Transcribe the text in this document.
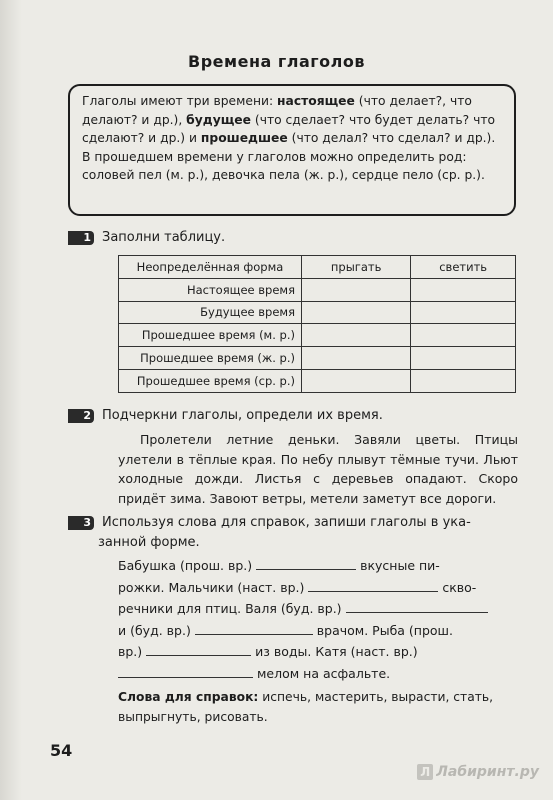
Времена глаголов

Глаголы имеют три времени: настоящее (что делает?, что делают? и др.), будущее (что сделает? что будет делать? что сделают? и др.) и прошедшее (что делал? что сделал? и др.).

В прошедшем времени у глаголов можно определить род: соловей пел (м. р.), девочка пела (ж. р.), сердце пело (ср. р.).

1 Заполни таблицу.
Неопределённая форма	прыгать	светить
Настоящее время		
Будущее время		
Прошедшее время (м. р.)		
Прошедшее время (ж. р.)		
Прошедшее время (ср. р.)		
2 Подчеркни глаголы, определи их время.
Пролетели летние деньки. Завяли цветы. Птицы улетели в тёплые края. По небу плывут тёмные тучи. Льют холодные дожди. Листья с деревьев опадают. Скоро придёт зима. Завоют ветры, метели заметут все дороги.
3 Используя слова для справок, запиши глаголы в ука-
занной форме.
Бабушка (прош. вр.)	вкусные пи-
рожки. Мальчики (наст. вр.)	скво-
речники для птиц. Валя (буд. вр.)
и (буд. вр.)	врачом. Рыба (прош.
вр.)	из воды. Катя (наст. вр.)
мелом на асфальте.
Слова для справок: испечь, мастерить, вырасти, стать, выпрыгнуть, рисовать.
54
Л Лабиринт.ру
